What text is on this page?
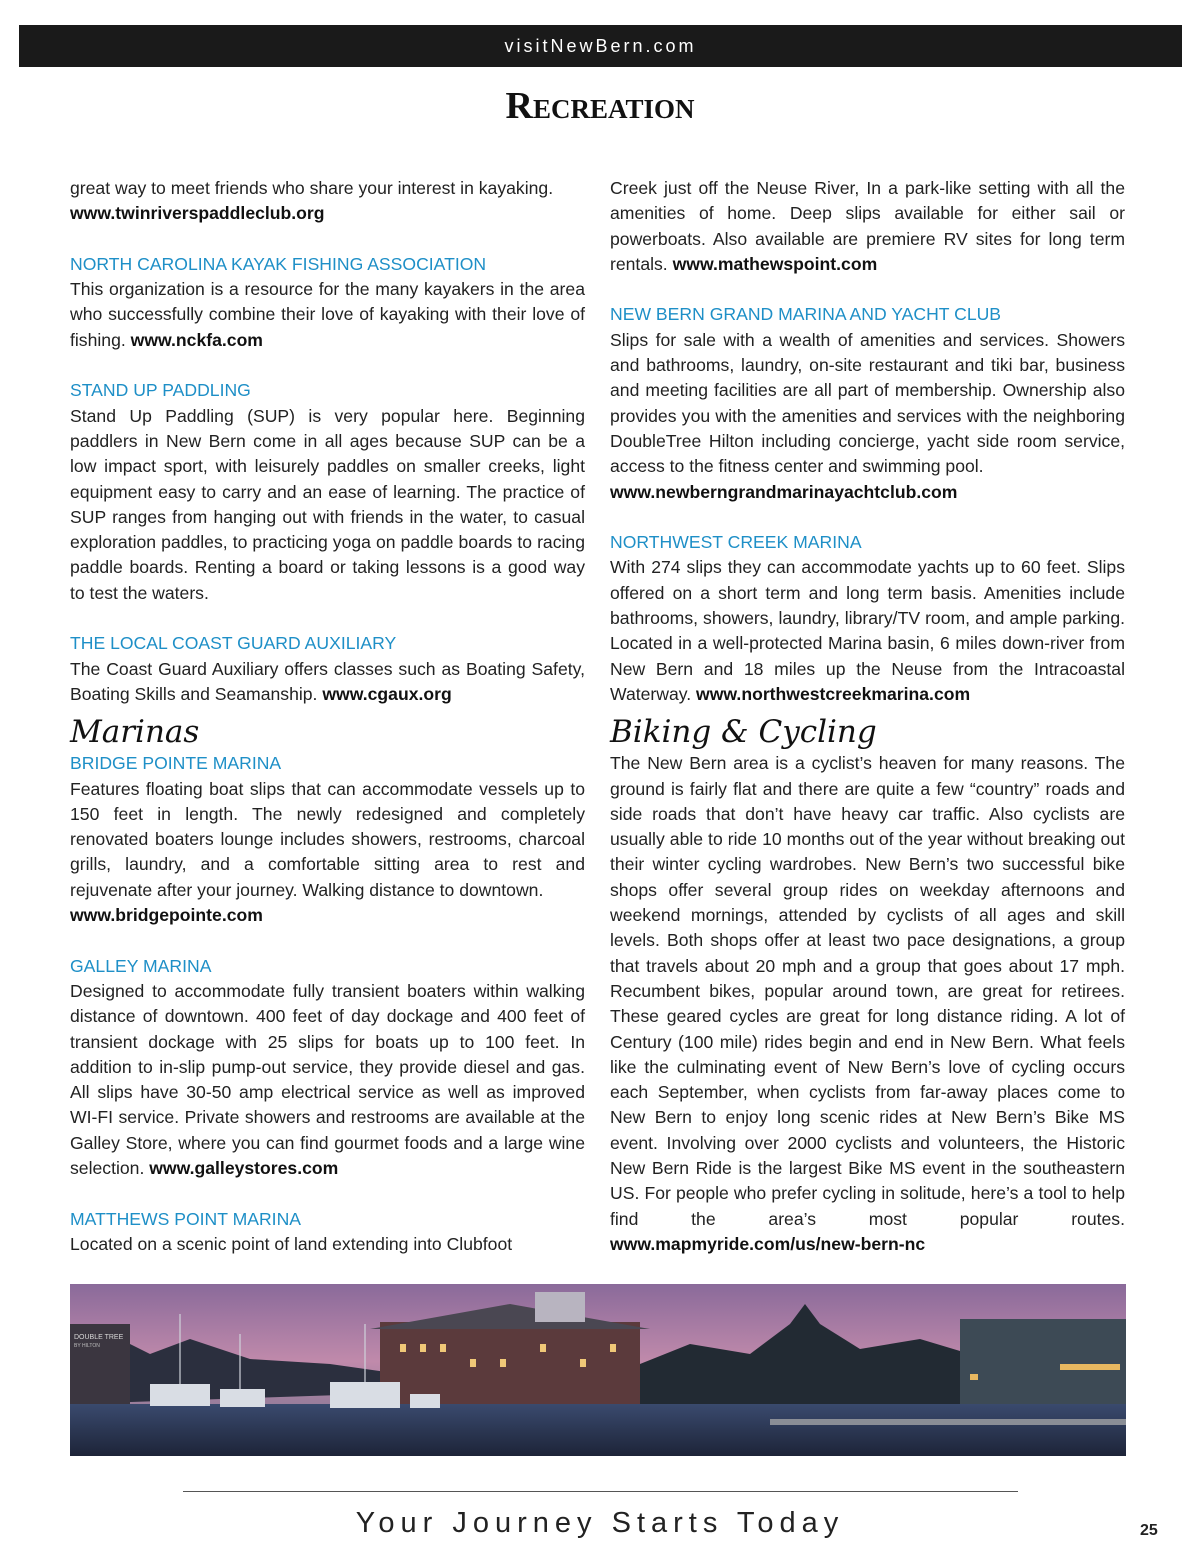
visitNewBern.com
Recreation

great way to meet friends who share your interest in kayaking.
www.twinriverspaddleclub.org

NORTH CAROLINA KAYAK FISHING ASSOCIATION

This organization is a resource for the many kayakers in the area who successfully combine their love of kayaking with their love of fishing. www.nckfa.com

STAND UP PADDLING

Stand Up Paddling (SUP) is very popular here. Beginning paddlers in New Bern come in all ages because SUP can be a low impact sport, with leisurely paddles on smaller creeks, light equipment easy to carry and an ease of learning. The practice of SUP ranges from hanging out with friends in the water, to casual exploration paddles, to practicing yoga on paddle boards to racing paddle boards. Renting a board or taking lessons is a good way to test the waters.

THE LOCAL COAST GUARD AUXILIARY

The Coast Guard Auxiliary offers classes such as Boating Safety, Boating Skills and Seamanship. www.cgaux.org

Marinas
BRIDGE POINTE MARINA

Features floating boat slips that can accommodate vessels up to 150 feet in length. The newly redesigned and completely renovated boaters lounge includes showers, restrooms, charcoal grills, laundry, and a comfortable sitting area to rest and rejuvenate after your journey. Walking distance to downtown.
www.bridgepointe.com

GALLEY MARINA

Designed to accommodate fully transient boaters within walking distance of downtown. 400 feet of day dockage and 400 feet of transient dockage with 25 slips for boats up to 100 feet. In addition to in-slip pump-out service, they provide diesel and gas. All slips have 30-50 amp electrical service as well as improved WI-FI service. Private showers and restrooms are available at the Galley Store, where you can find gourmet foods and a large wine selection. www.galleystores.com

MATTHEWS POINT MARINA

Located on a scenic point of land extending into Clubfoot

Creek just off the Neuse River, In a park-like setting with all the amenities of home. Deep slips available for either sail or powerboats. Also available are premiere RV sites for long term rentals. www.mathewspoint.com

NEW BERN GRAND MARINA AND YACHT CLUB

Slips for sale with a wealth of amenities and services. Showers and bathrooms, laundry, on-site restaurant and tiki bar, business and meeting facilities are all part of membership. Ownership also provides you with the amenities and services with the neighboring DoubleTree Hilton including concierge, yacht side room service, access to the fitness center and swimming pool.
www.newberngrandmarinayachtclub.com

NORTHWEST CREEK MARINA

With 274 slips they can accommodate yachts up to 60 feet. Slips offered on a short term and long term basis. Amenities include bathrooms, showers, laundry, library/TV room, and ample parking. Located in a well-protected Marina basin, 6 miles down-river from New Bern and 18 miles up the Neuse from the Intracoastal Waterway. www.northwestcreekmarina.com

Biking & Cycling

The New Bern area is a cyclist’s heaven for many reasons. The ground is fairly flat and there are quite a few “country” roads and side roads that don’t have heavy car traffic. Also cyclists are usually able to ride 10 months out of the year without breaking out their winter cycling wardrobes. New Bern’s two successful bike shops offer several group rides on weekday afternoons and weekend mornings, attended by cyclists of all ages and skill levels. Both shops offer at least two pace designations, a group that travels about 20 mph and a group that goes about 17 mph. Recumbent bikes, popular around town, are great for retirees. These geared cycles are great for long distance riding. A lot of Century (100 mile) rides begin and end in New Bern. What feels like the culminating event of New Bern’s love of cycling occurs each September, when cyclists from far-away places come to New Bern to enjoy long scenic rides at New Bern’s Bike MS event. Involving over 2000 cyclists and volunteers, the Historic New Bern Ride is the largest Bike MS event in the southeastern US. For people who prefer cycling in solitude, here’s a tool to help find the area’s most popular routes. www.mapmyride.com/us/new-bern-nc

DOUBLE TREE
BY HILTON
Your Journey Starts Today	25
